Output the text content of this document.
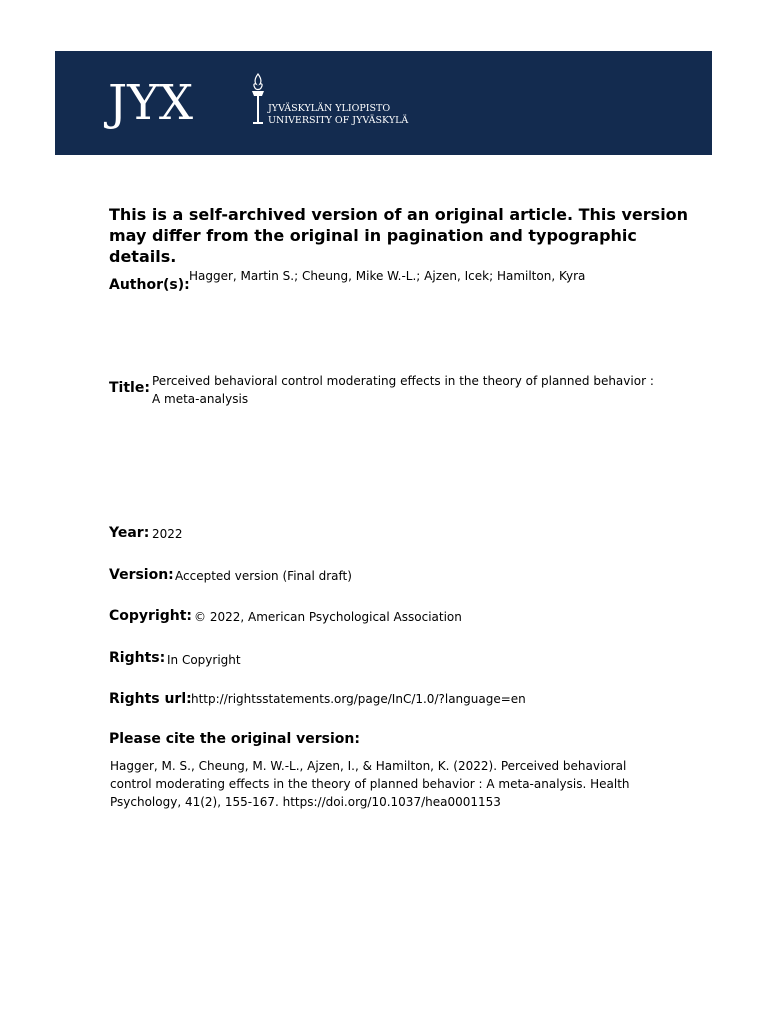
JYX	JYVÄSKYLÄN YLIOPISTO
UNIVERSITY OF JYVÄSKYLÄ
This is a self-archived version of an original article. This version may differ from the original in pagination and typographic details.
Author(s):
Hagger, Martin S.; Cheung, Mike W.-L.; Ajzen, Icek; Hamilton, Kyra
Title: Perceived behavioral control moderating effects in the theory of planned behavior : A meta-analysis
Year: 2022
Version: Accepted version (Final draft)
Copyright: © 2022, American Psychological Association
Rights: In Copyright
Rights url: http://rightsstatements.org/page/InC/1.0/?language=en
Please cite the original version:
Hagger, M. S., Cheung, M. W.-L., Ajzen, I., & Hamilton, K. (2022). Perceived behavioral control moderating effects in the theory of planned behavior : A meta-analysis. Health Psychology, 41(2), 155-167. https://doi.org/10.1037/hea0001153
